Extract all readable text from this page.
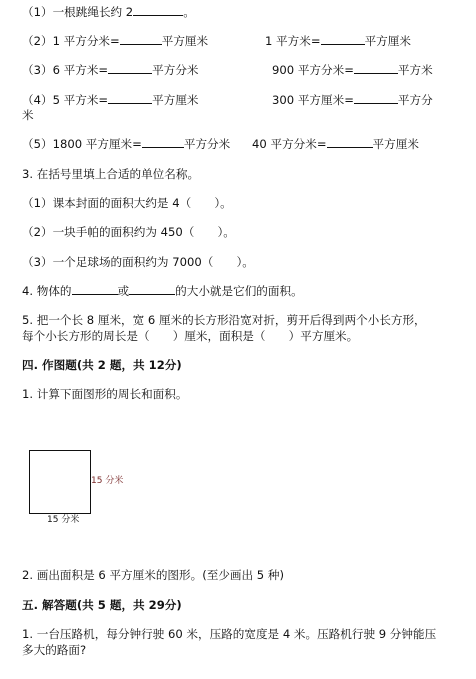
（1）一根跳绳长约 2	。
（2）1 平方分米=	平方厘米	1 平方米=	平方厘米
（3）6 平方米=	平方分米	900 平方分米=	平方米
（4）5 平方米=	平方厘米	300 平方厘米=	平方分
米
（5）1800 平方厘米=	平方分米 40 平方分米=	平方厘米
3. 在括号里填上合适的单位名称。
（1）课本封面的面积大约是 4（　　）。
（2）一块手帕的面积约为 450（　　）。
（3）一个足球场的面积约为 7000（　　）。
4. 物体的	或	的大小就是它们的面积。
5. 把一个长 8 厘米，宽 6 厘米的长方形沿宽对折，剪开后得到两个小长方形，
每个小长方形的周长是（　　）厘米，面积是（　　）平方厘米。
四. 作图题(共 2 题，共 12分)
1. 计算下面图形的周长和面积。
15 分米
15 分米
2. 画出面积是 6 平方厘米的图形。(至少画出 5 种)
五. 解答题(共 5 题，共 29分)
1. 一台压路机，每分钟行驶 60 米，压路的宽度是 4 米。压路机行驶 9 分钟能压
多大的路面?
